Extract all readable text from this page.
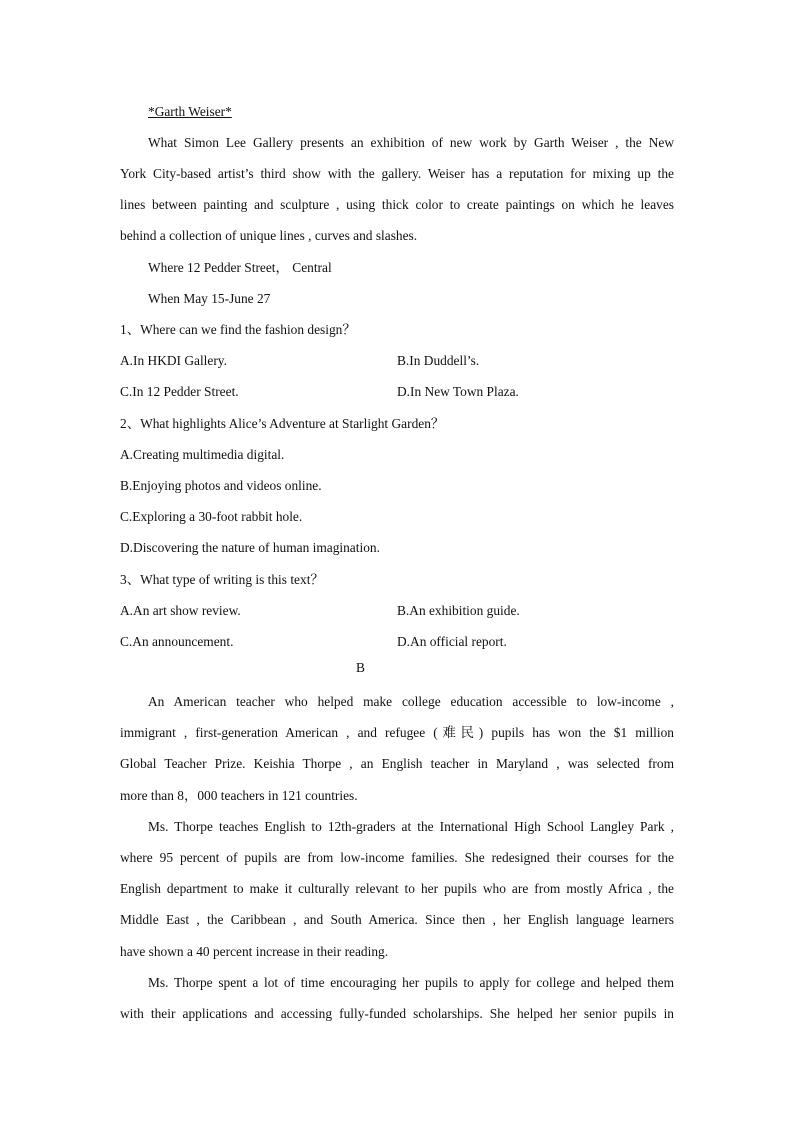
*Garth Weiser*
What Simon Lee Gallery presents an exhibition of new work by Garth Weiser , the New
York City-based artist’s third show with the gallery. Weiser has a reputation for mixing up the
lines between painting and sculpture , using thick color to create paintings on which he leaves
behind a collection of unique lines , curves and slashes.
Where 12 Pedder Street， Central
When May 15-June 27
1、Where can we find the fashion design？
A.In HKDI Gallery.	B.In Duddell’s.
C.In 12 Pedder Street.	D.In New Town Plaza.
2、What highlights Alice’s Adventure at Starlight Garden？
A.Creating multimedia digital.
B.Enjoying photos and videos online.
C.Exploring a 30-foot rabbit hole.
D.Discovering the nature of human imagination.
3、What type of writing is this text？
A.An art show review.	B.An exhibition guide.
C.An announcement.	D.An official report.
B
An American teacher who helped make college education accessible to low-income ,
immigrant , first-generation American , and refugee (难民) pupils has won the $1 million
Global Teacher Prize. Keishia Thorpe , an English teacher in Maryland , was selected from
more than 8，000 teachers in 121 countries.
Ms. Thorpe teaches English to 12th-graders at the International High School Langley Park ,
where 95 percent of pupils are from low-income families. She redesigned their courses for the
English department to make it culturally relevant to her pupils who are from mostly Africa , the
Middle East , the Caribbean , and South America. Since then , her English language learners
have shown a 40 percent increase in their reading.
Ms. Thorpe spent a lot of time encouraging her pupils to apply for college and helped them
with their applications and accessing fully-funded scholarships. She helped her senior pupils in
